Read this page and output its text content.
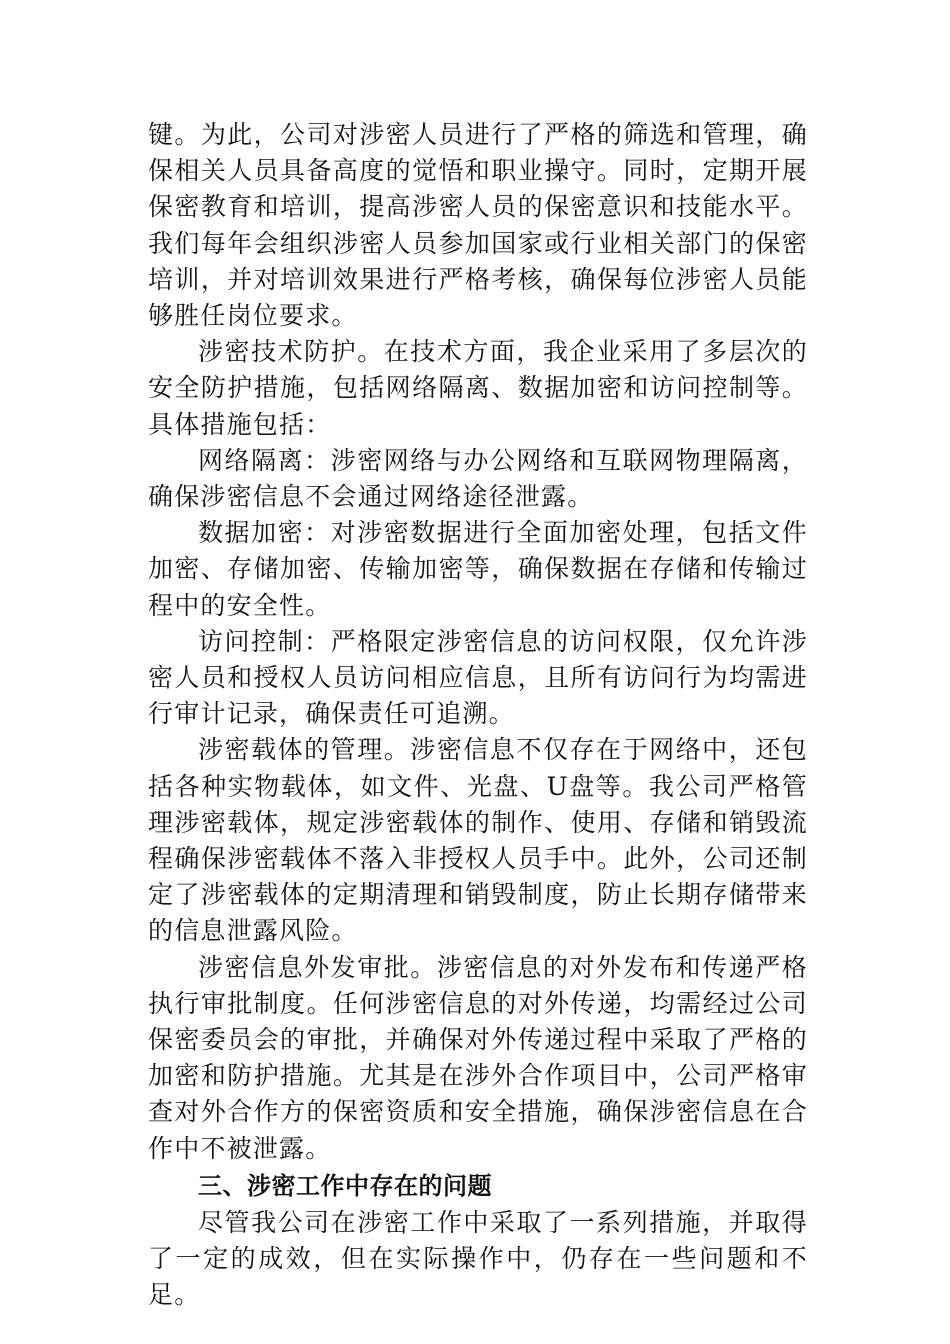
键。为此，公司对涉密人员进行了严格的筛选和管理，确保相关人员具备高度的觉悟和职业操守。同时，定期开展保密教育和培训，提高涉密人员的保密意识和技能水平。我们每年会组织涉密人员参加国家或行业相关部门的保密培训，并对培训效果进行严格考核，确保每位涉密人员能够胜任岗位要求。

涉密技术防护。在技术方面，我企业采用了多层次的安全防护措施，包括网络隔离、数据加密和访问控制等。具体措施包括：

网络隔离：涉密网络与办公网络和互联网物理隔离，确保涉密信息不会通过网络途径泄露。

数据加密：对涉密数据进行全面加密处理，包括文件加密、存储加密、传输加密等，确保数据在存储和传输过程中的安全性。

访问控制：严格限定涉密信息的访问权限，仅允许涉密人员和授权人员访问相应信息，且所有访问行为均需进行审计记录，确保责任可追溯。

涉密载体的管理。涉密信息不仅存在于网络中，还包括各种实物载体，如文件、光盘、U盘等。我公司严格管理涉密载体，规定涉密载体的制作、使用、存储和销毁流程确保涉密载体不落入非授权人员手中。此外，公司还制定了涉密载体的定期清理和销毁制度，防止长期存储带来的信息泄露风险。

涉密信息外发审批。涉密信息的对外发布和传递严格执行审批制度。任何涉密信息的对外传递，均需经过公司保密委员会的审批，并确保对外传递过程中采取了严格的加密和防护措施。尤其是在涉外合作项目中，公司严格审查对外合作方的保密资质和安全措施，确保涉密信息在合作中不被泄露。

三、涉密工作中存在的问题

尽管我公司在涉密工作中采取了一系列措施，并取得了一定的成效，但在实际操作中，仍存在一些问题和不足。
